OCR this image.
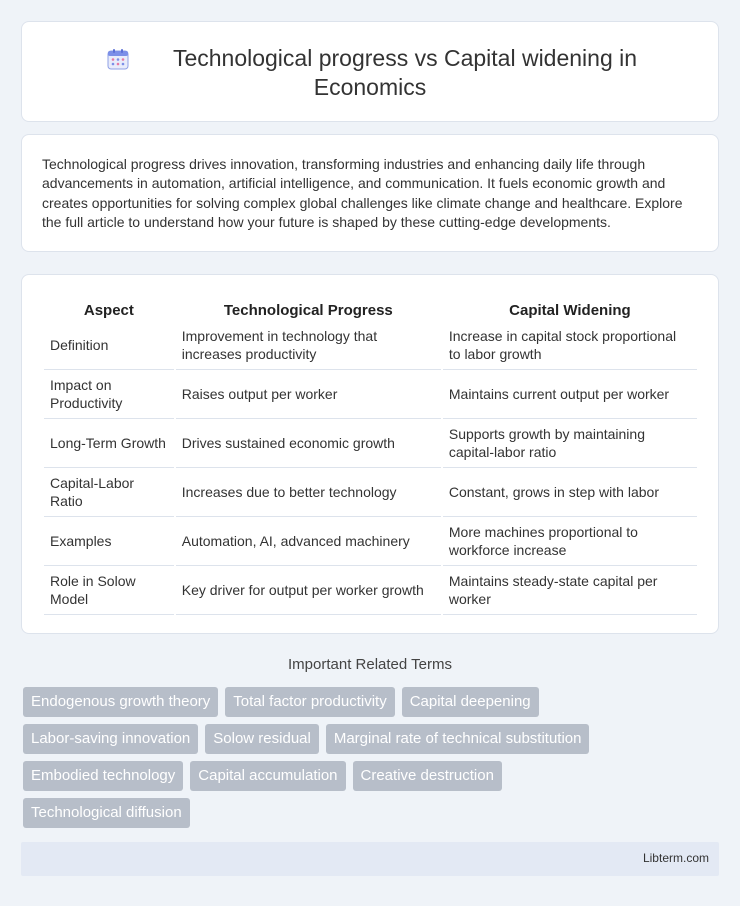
Technological progress vs Capital widening in
Economics

Technological progress drives innovation, transforming industries and enhancing daily life through advancements in automation, artificial intelligence, and communication. It fuels economic growth and creates opportunities for solving complex global challenges like climate change and healthcare. Explore the full article to understand how your future is shaped by these cutting-edge developments.

Aspect	Technological Progress	Capital Widening
Definition	Improvement in technology that increases productivity	Increase in capital stock proportional to labor growth
Impact on Productivity	Raises output per worker	Maintains current output per worker
Long-Term Growth	Drives sustained economic growth	Supports growth by maintaining capital-labor ratio
Capital-Labor Ratio	Increases due to better technology	Constant, grows in step with labor
Examples	Automation, AI, advanced machinery	More machines proportional to workforce increase
Role in Solow Model	Key driver for output per worker growth	Maintains steady-state capital per worker
Important Related Terms
Endogenous growth theory	Total factor productivity	Capital deepening
Labor-saving innovation	Solow residual	Marginal rate of technical substitution
Embodied technology	Capital accumulation	Creative destruction
Technological diffusion
Libterm.com
